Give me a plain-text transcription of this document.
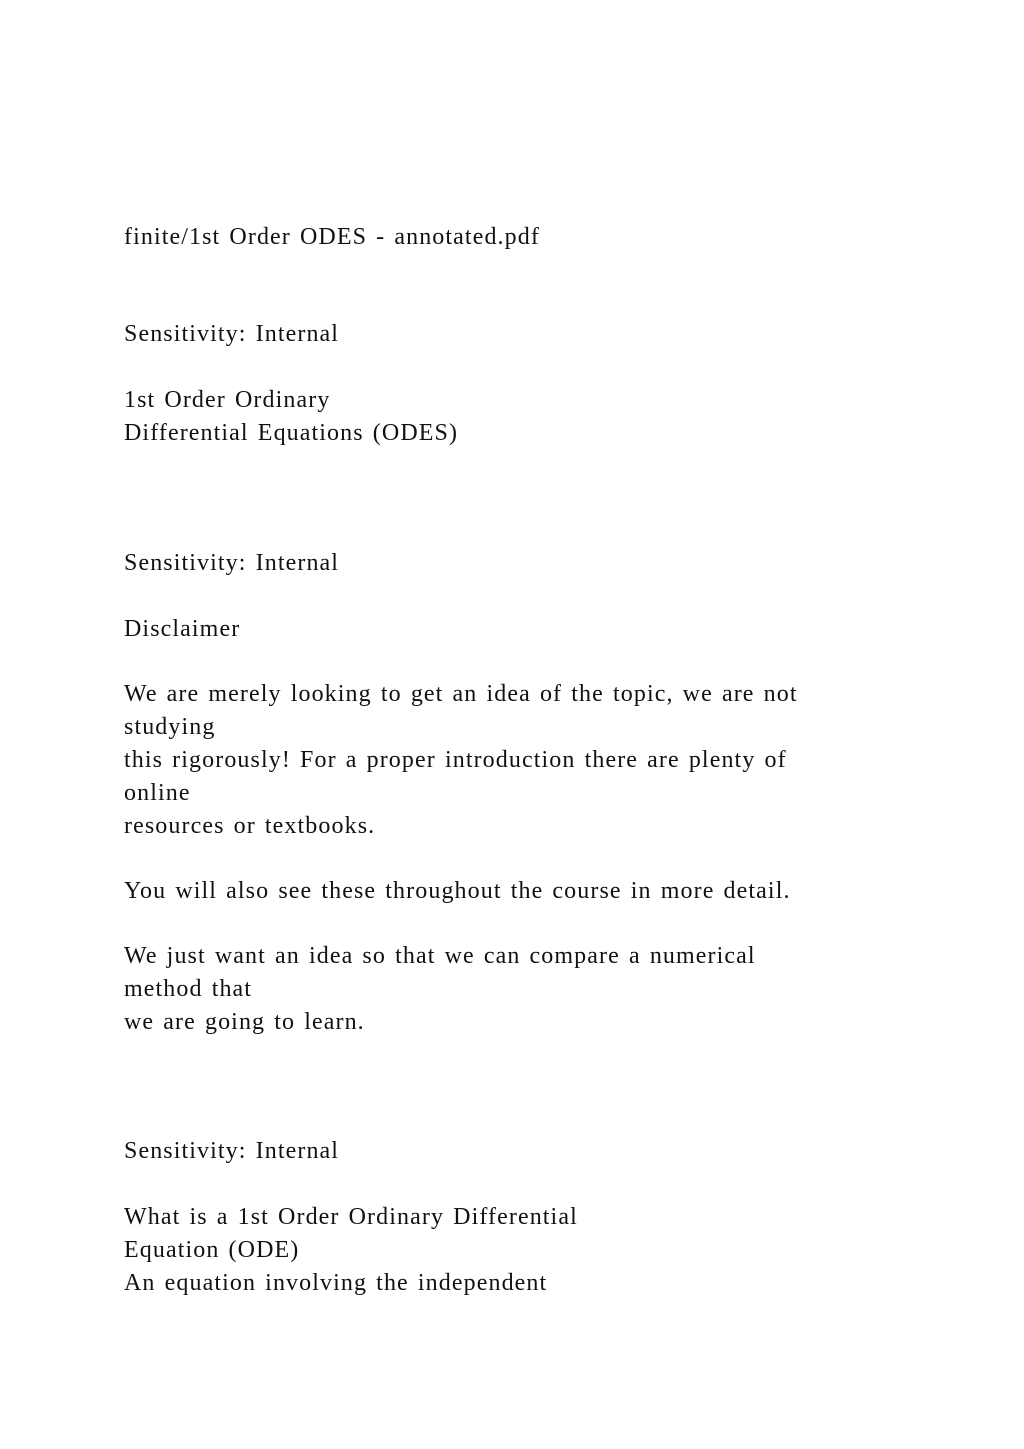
finite/1st Order ODES - annotated.pdf
Sensitivity: Internal
1st Order Ordinary
Differential Equations (ODES)
Sensitivity: Internal
Disclaimer
We are merely looking to get an idea of the topic, we are not
studying
this rigorously! For a proper introduction there are plenty of
online
resources or textbooks.
You will also see these throughout the course in more detail.
We just want an idea so that we can compare a numerical
method that
we are going to learn.
Sensitivity: Internal
What is a 1st Order Ordinary Differential
Equation (ODE)
An equation involving the independent
